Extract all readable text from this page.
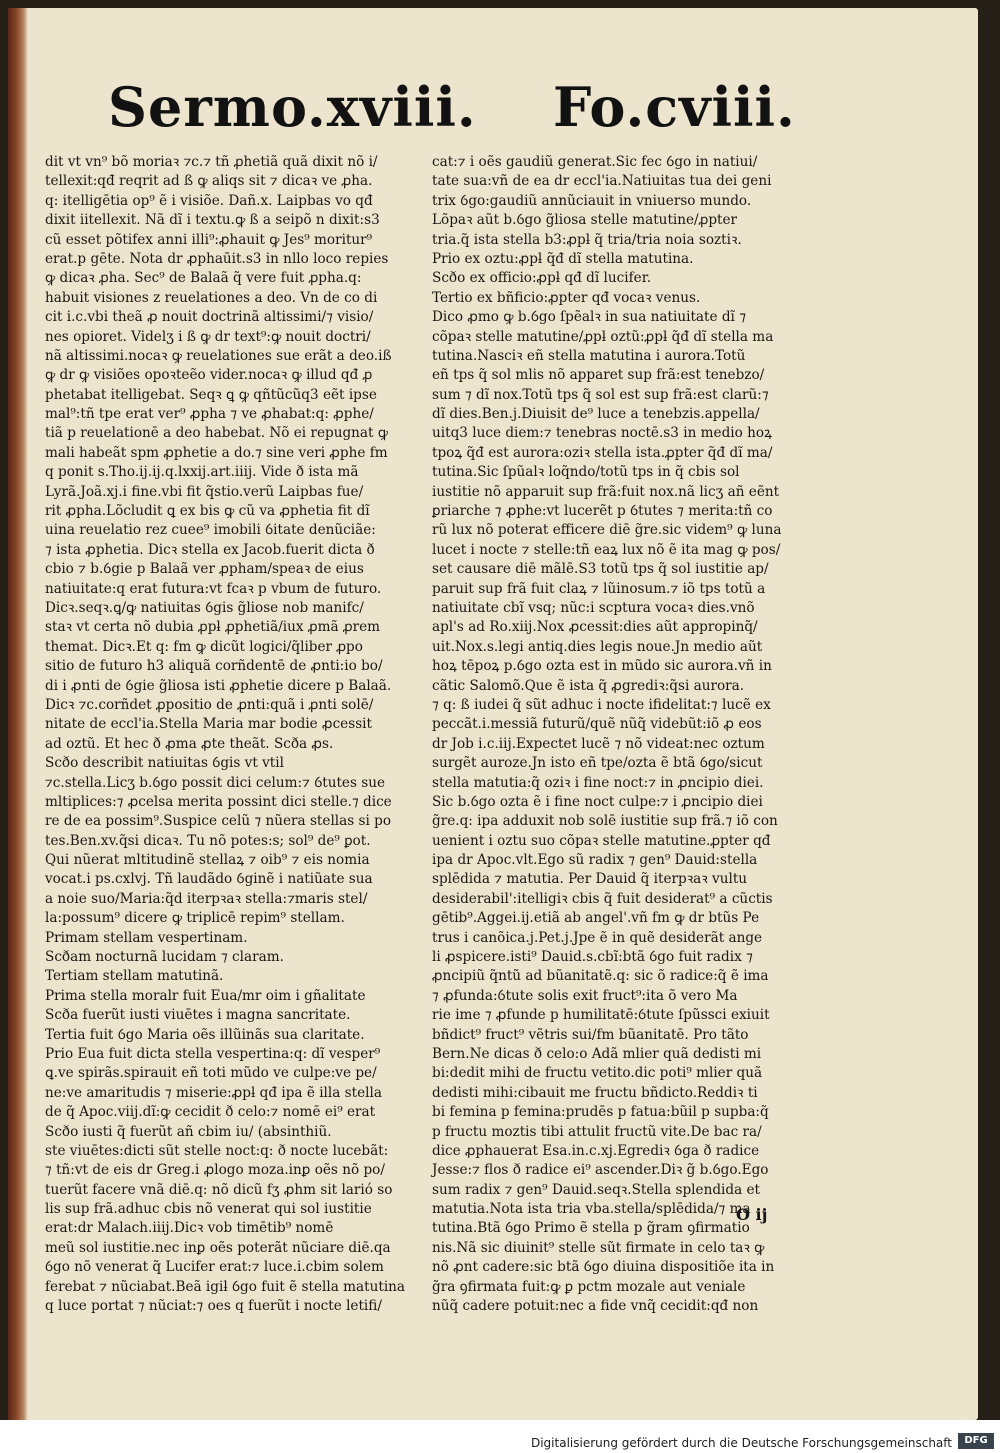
Sermo.xviii. Fo.cviii.
dit vt vn⁹ bõ moriaꝛ ⁊c.⁊ tñ ꝓhetiã quã dixit nõ i/
tellexit:qđ reqrit ad ß ꝙ aliqs sit ⁊ dicaꝛ ve ꝓha.
q: itelligētia op⁹ ẽ i visiõe. Dañ.x. Laipbas vo qđ
dixit iitellexit. Nã dĩ i textu.ꝙ ß a seipõ n dixit:s3
cũ esset põtifex anni illi⁹:ꝓhauit ꝙ Jes⁹ moritur⁹
erat.p gēte. Nota dr ꝓphaūit.s3 in nllo loco repies
ꝙ dicaꝛ ꝓha. Sec⁹ de Balaã q̃ vere fuit ꝓpha.q:
habuit visiones z reuelationes a deo. Vn de co di
cit i.c.vbi theã ꝓ nouit doctrinã altissimi/⁊ visio/
nes opioret. Videlʒ i ß ꝙ dr text⁹:ꝙ nouit doctri/
nã altissimi.nocaꝛ ꝙ reuelationes sue erãt a deo.iß
ꝙ dr ꝙ visiões opoꝛteẽo vider.nocaꝛ ꝙ illud qđ ꝓ
phetabat itelligebat. Seqꝛ ꝗ ꝙ qñtũcũq3 eẽt ipse
mal⁹:tñ tpe erat ver⁹ ꝓpha ⁊ ve ꝓhabat:q: ꝓphe/
tiã p reuelationē a deo habebat. Nõ ei repugnat ꝙ
mali habeãt spm ꝓphetie a do.⁊ sine veri ꝓphe fm
q ponit s.Tho.ij.ij.q.lxxij.art.iiij. Vide ð ista mã
Lyrã.Joã.xj.i fine.vbi fit q̃stio.verũ Laipbas fue/
rit ꝓpha.Lõcludit ꝗ ex bis ꝙ cũ va ꝓphetia fit dĩ
uina reuelatio rez cuee⁹ imobili ỽitate denũciãe:
⁊ ista ꝓphetia. Dicꝛ stella ex Jacob.fuerit dicta ð
cbio ⁊ b.ỽgie p Balaã ver ꝓpham/speaꝛ de eius
natiuitate:q erat futura:vt fcaꝛ p vbum de futuro.
Dicꝛ.seqꝛ.ꝗ/ꝙ natiuitas ỽgis g̃liose nob manifc/
staꝛ vt certa nõ dubia ꝓpƚ ꝓphetiã/iux ꝓmã ꝓrem
themat. Dicꝛ.Et q: fm ꝙ dicũt logici/q̃liber ꝓpo
sitio de futuro h3 aliquã corñdentē de ꝓnti:io bo/
di i ꝓnti de ỽgie g̃liosa isti ꝓphetie dicere p Balaã.
Dicꝛ ⁊c.corñdet ꝓpositio de ꝓnti:quã i ꝓnti solē/
nitate de eccl'ia.Stella Maria mar bodie ꝓcessit
ad oztũ. Et hec ð ꝓma ꝓte theãt. Scða ꝓs.
Scðo describit natiuitas ỽgis vt vtil
⁊c.stella.Licʒ b.ỽgo possit dici celum:⁊ ỽtutes sue
mltiplices:⁊ ꝓcelsa merita possint dici stelle.⁊ dice
re de ea possim⁹.Suspice celũ ⁊ nũera stellas si po
tes.Ben.xv.q̃si dicaꝛ. Tu nõ potes:s; sol⁹ de⁹ ꝑot.
Qui nũerat mltitudinẽ stellaꝝ ⁊ oib⁹ ⁊ eis nomia
vocat.i ps.cxlvj. Tñ laudãdo ỽginẽ i natiũate sua
a noie suo/Maria:q̃d iterpꝛaꝛ stella:⁊maris stel/
la:possum⁹ dicere ꝙ triplicē repim⁹ stellam.
Primam stellam vespertinam.
Scðam nocturnã lucidam ⁊ claram.
Tertiam stellam matutinã.
Prima stella moralr fuit Eua/mr oim i gñalitate
Scða fuerũt iusti viuētes i magna sancritate.
Tertia fuit ỽgo Maria oẽs illũinãs sua claritate.
Prio Eua fuit dicta stella vespertina:q: dĩ vesper⁹
ꝗ.ve spirãs.spirauit eñ toti mũdo ve culpe:ve pe/
ne:ve amaritudis ⁊ miserie:ꝓpƚ qđ ipa ẽ illa stella
de q̃ Apoc.viij.dĩ:ꝙ cecidit ð celo:⁊ nomē ei⁹ erat
Scðo iusti q̃ fuerũt añ cbim iu/ (absinthiũ.
ste viuētes:dicti sũt stelle noct:q: ð nocte lucebãt:
⁊ tñ:vt de eis dr Greg.i ꝓlogo moza.inꝑ oẽs nõ po/
tuerũt facere vnã diē.q: nõ dicũ fʒ ꝓhm sit larió so
lis sup frã.adhuc cbis nõ venerat qui sol iustitie
erat:dr Malach.iiij.Dicꝛ vob timētib⁹ nomē
meũ sol iustitie.nec inꝑ oẽs poterãt nũciare diē.qa
ỽgo nõ venerat q̃ Lucifer erat:⁊ luce.i.cbim solem
ferebat ⁊ nũciabat.Beã igiƚ ỽgo fuit ẽ stella matutina
q luce portat ⁊ nũciat:⁊ oes q fuerũt i nocte letifi/
cat:⁊ i oẽs gaudiũ generat.Sic fec ỽgo in natiui/
tate sua:vñ de ea dr eccl'ia.Natiuitas tua dei geni
trix ỽgo:gaudiũ annũciauit in vniuerso mundo.
Lõpaꝛ aũt b.ỽgo g̃liosa stelle matutine/ꝓpter
tria.q̃ ista stella b3:ꝓpƚ q̃ tria/tria noia soztiꝛ.
Prio ex oztu:ꝓpƚ q̃đ dĩ stella matutina.
Scðo ex officio:ꝓpƚ qđ dĩ lucifer.
Tertio ex bñficio:ꝓpter qđ vocaꝛ venus.
Dico ꝓmo ꝙ b.ỽgo ſpẽalꝛ in sua natiuitate dĩ ⁊
cõpaꝛ stelle matutine/ꝓpƚ oztũ:ꝓpƚ q̃đ dĩ stella ma
tutina.Nasciꝛ eñ stella matutina i aurora.Totũ
eñ tps q̃ sol mlis nõ apparet sup frã:est tenebzo/
sum ⁊ dĩ nox.Totũ tps q̃ sol est sup frã:est clarũ:⁊
dĩ dies.Ben.j.Diuisit de⁹ luce a tenebzis.appella/
uitq3 luce diem:⁊ tenebras noctē.s3 in medio hoꝝ
tpoꝝ q̃đ est aurora:oziꝛ stella ista.ꝓpter q̃đ dĩ ma/
tutina.Sic ſpũalꝛ loq̃ndo/totũ tps in q̃ cbis sol
iustitie nõ apparuit sup frã:fuit nox.nã licʒ añ eẽnt
ꝑriarche ⁊ ꝓphe:vt lucerẽt p ỽtutes ⁊ merita:tñ co
rũ lux nõ poterat efficere diē g̃re.sic videm⁹ ꝙ luna
lucet i nocte ⁊ stelle:tñ eaꝝ lux nõ ẽ ita mag ꝙ pos/
set causare diē mãlē.S3 totũ tps q̃ sol iustitie ap/
paruit sup frã fuit claꝝ ⁊ lũinosum.⁊ iõ tps totũ a
natiuitate cbĩ vsq; nũc:i scptura vocaꝛ dies.vnõ
apl's ad Ro.xiij.Nox ꝓcessit:dies aũt appropinq̃/
uit.Nox.s.legi antiq.dies legis noue.Jn medio aũt
hoꝝ tēpoꝝ p.ỽgo ozta est in mũdo sic aurora.vñ in
cãtic Salomõ.Que ẽ ista q̃ ꝓgrediꝛ:q̃si aurora.
⁊ q: ß iudei q̃ sũt adhuc i nocte ifidelitat:⁊ lucẽ ex
peccãt.i.messiã futurũ/quẽ nũq̃ videbũt:iõ ꝓ eos
dr Job i.c.iij.Expectet lucẽ ⁊ nõ videat:nec oztum
surgẽt auroze.Jn isto eñ tpe/ozta ẽ btã ỽgo/sicut
stella matutia:q̃ oziꝛ i fine noct:⁊ in ꝓncipio diei.
Sic b.ỽgo ozta ẽ i fine noct culpe:⁊ i ꝓncipio diei
g̃re.q: ipa adduxit nob solē iustitie sup frã.⁊ iõ con
uenient i oztu suo cõpaꝛ stelle matutine.ꝓpter qđ
ipa dr Apoc.vlt.Ego sũ radix ⁊ gen⁹ Dauid:stella
splēdida ⁊ matutia. Per Dauid q̃ iterpꝛaꝛ vultu
desiderabil':itelligiꝛ cbis q̃ fuit desiderat⁹ a cũctis
gētib⁹.Aggei.ij.etiã ab angel'.vñ fm ꝙ dr btũs Pe
trus i canõica.j.Pet.j.Jpe ẽ in quẽ desiderãt ange
li ꝓspicere.isti⁹ Dauid.s.cbĩ:btã ỽgo fuit radix ⁊
ꝓncipiũ q̃ntũ ad bũanitatẽ.q: sic õ radice:q̃ ẽ ima
⁊ ꝓfunda:ỽtute solis exit fruct⁹:ita õ vero Ma
rie ime ⁊ ꝓfunde p humilitatē:ỽtute ſpũssci exiuit
bñdict⁹ fruct⁹ vẽtris sui/fm bũanitatē. Pro tãto
Bern.Ne dicas ð celo:o Adã mlier quã dedisti mi
bi:dedit mihi de fructu vetito.dic poti⁹ mlier quã
dedisti mihi:cibauit me fructu bñdicto.Reddiꝛ ti
bi femina p femina:prudēs p fatua:bũil p supba:q̃
p fructu moztis tibi attulit fructũ vite.De bac ra/
dice ꝓphauerat Esa.in.c.xj.Egrediꝛ ỽga ð radice
Jesse:⁊ flos ð radice ei⁹ ascender.Diꝛ g̃ b.ỽgo.Ego
sum radix ⁊ gen⁹ Dauid.seqꝛ.Stella splendida et
matutia.Nota ista tria vba.stella/splēdida/⁊ ma
tutina.Btã ỽgo Primo ẽ stella p g̃ram ꝯfirmatio
nis.Nã sic diuinit⁹ stelle sũt firmate in celo taꝛ ꝙ
nõ ꝓnt cadere:sic btã ỽgo diuina dispositiõe ita in
g̃ra ꝯfirmata fuit:ꝙ ꝑ pctm mozale aut veniale
nũq̃ cadere potuit:nec a fide vnq̃ cecidit:qđ non
O ij
Digitalisierung gefördert durch die Deutsche Forschungsgemeinschaft	DFG
